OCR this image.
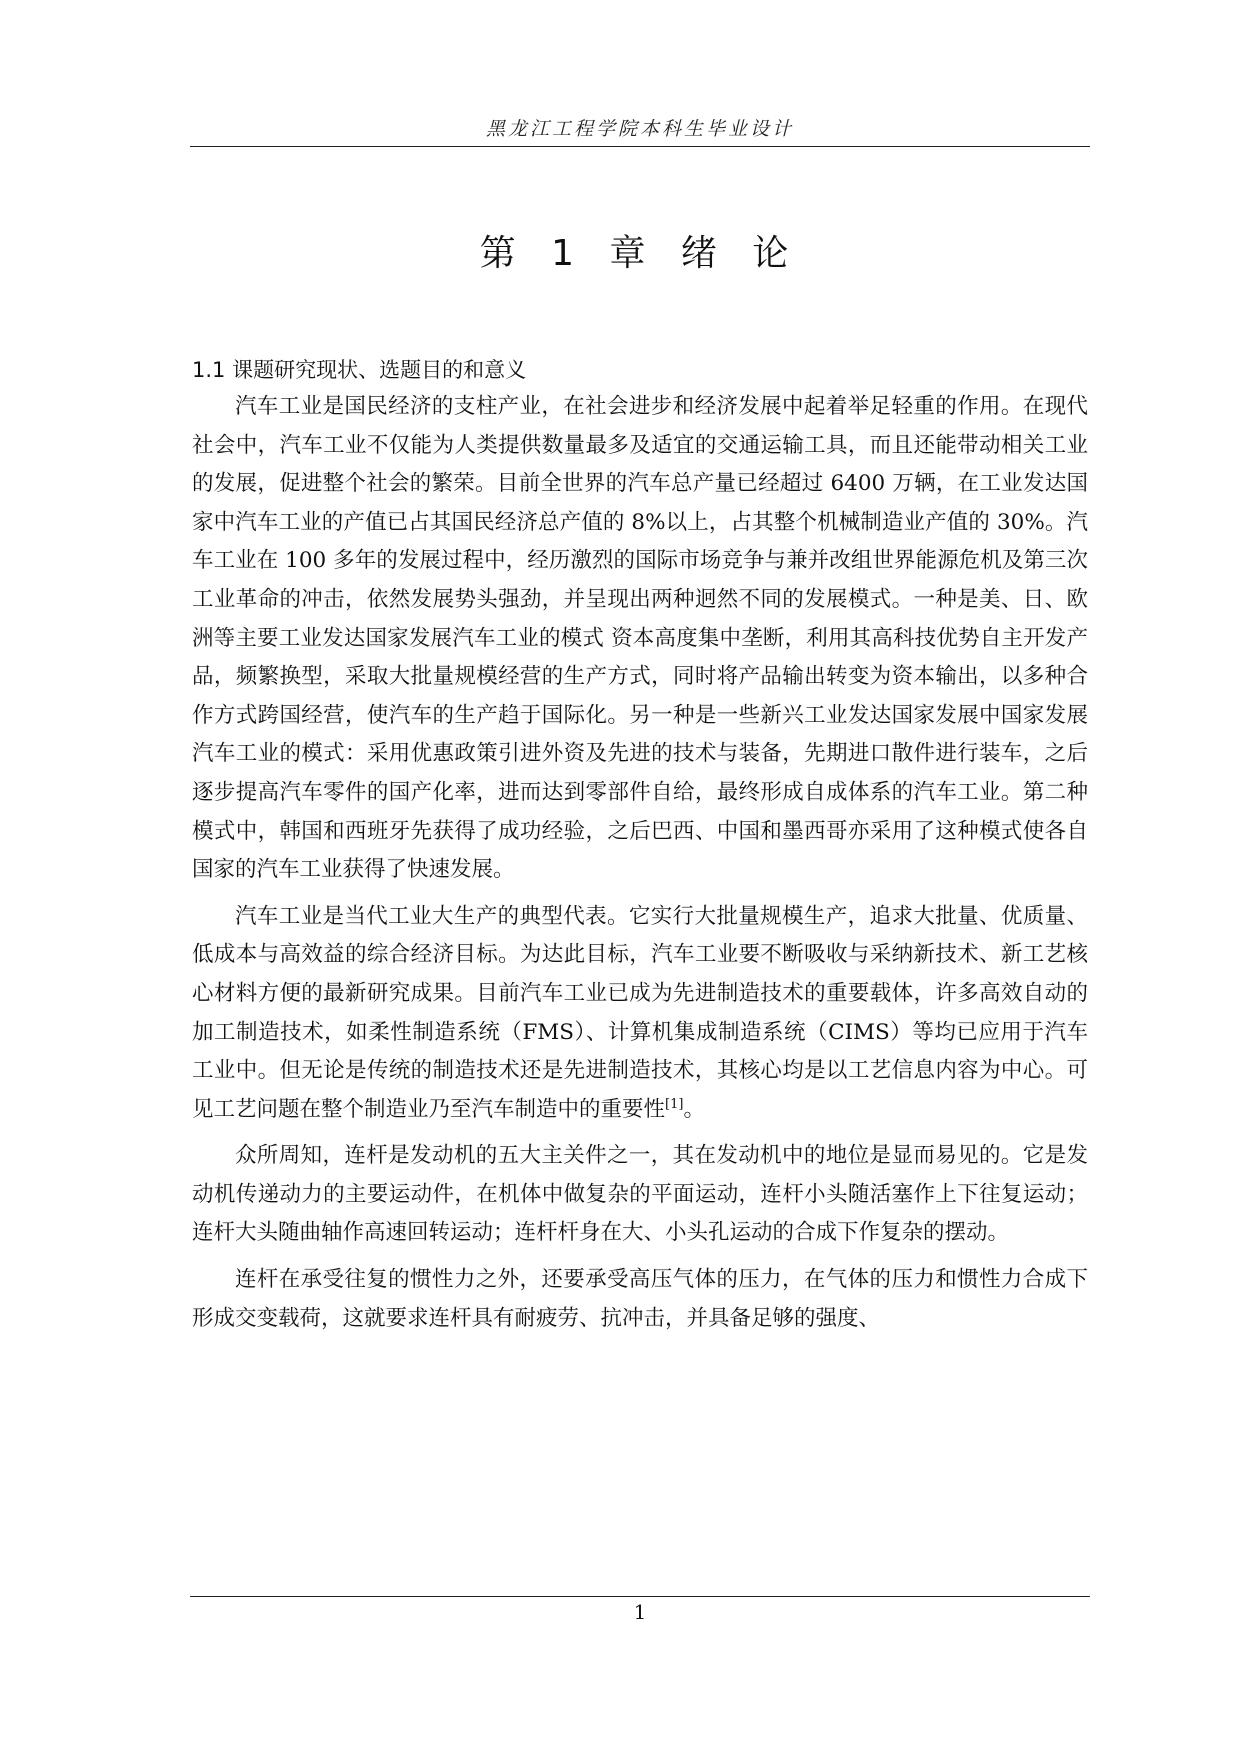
黑龙江工程学院本科生毕业设计
第 1 章 绪 论
1.1 课题研究现状、选题目的和意义

汽车工业是国民经济的支柱产业，在社会进步和经济发展中起着举足轻重的作用。在现代社会中，汽车工业不仅能为人类提供数量最多及适宜的交通运输工具，而且还能带动相关工业的发展，促进整个社会的繁荣。目前全世界的汽车总产量已经超过 6400 万辆，在工业发达国家中汽车工业的产值已占其国民经济总产值的 8%以上，占其整个机械制造业产值的 30%。汽车工业在 100 多年的发展过程中，经历激烈的国际市场竞争与兼并改组世界能源危机及第三次工业革命的冲击，依然发展势头强劲，并呈现出两种迥然不同的发展模式。一种是美、日、欧洲等主要工业发达国家发展汽车工业的模式 资本高度集中垄断，利用其高科技优势自主开发产品，频繁换型，采取大批量规模经营的生产方式，同时将产品输出转变为资本输出，以多种合作方式跨国经营，使汽车的生产趋于国际化。另一种是一些新兴工业发达国家发展中国家发展汽车工业的模式：采用优惠政策引进外资及先进的技术与装备，先期进口散件进行装车，之后逐步提高汽车零件的国产化率，进而达到零部件自给，最终形成自成体系的汽车工业。第二种模式中，韩国和西班牙先获得了成功经验，之后巴西、中国和墨西哥亦采用了这种模式使各自国家的汽车工业获得了快速发展。

汽车工业是当代工业大生产的典型代表。它实行大批量规模生产，追求大批量、优质量、低成本与高效益的综合经济目标。为达此目标，汽车工业要不断吸收与采纳新技术、新工艺核心材料方便的最新研究成果。目前汽车工业已成为先进制造技术的重要载体，许多高效自动的加工制造技术，如柔性制造系统（FMS）、计算机集成制造系统（CIMS）等均已应用于汽车工业中。但无论是传统的制造技术还是先进制造技术，其核心均是以工艺信息内容为中心。可见工艺问题在整个制造业乃至汽车制造中的重要性[1]。

众所周知，连杆是发动机的五大主关件之一，其在发动机中的地位是显而易见的。它是发动机传递动力的主要运动件，在机体中做复杂的平面运动，连杆小头随活塞作上下往复运动；连杆大头随曲轴作高速回转运动；连杆杆身在大、小头孔运动的合成下作复杂的摆动。

连杆在承受往复的惯性力之外，还要承受高压气体的压力，在气体的压力和惯性力合成下形成交变载荷，这就要求连杆具有耐疲劳、抗冲击，并具备足够的强度、

1
